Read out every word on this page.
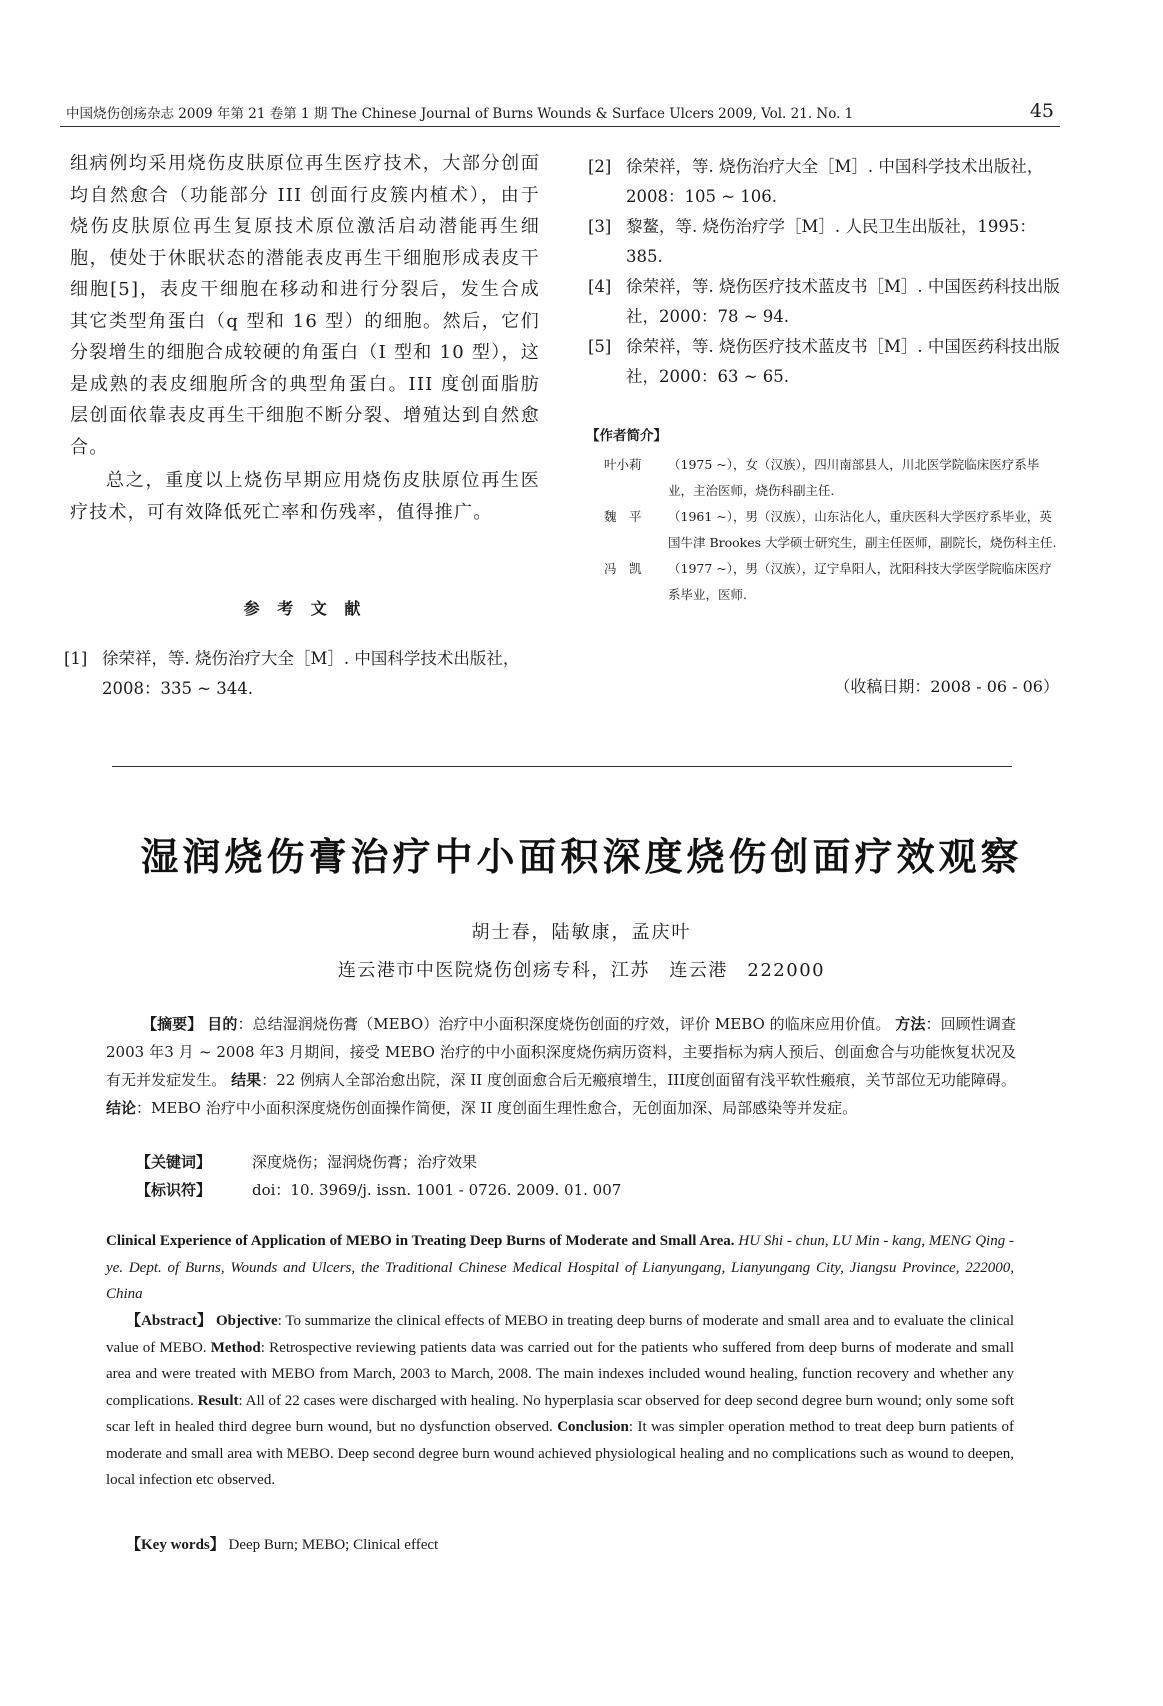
中国烧伤创疡杂志 2009 年第 21 卷第 1 期 The Chinese Journal of Burns Wounds & Surface Ulcers 2009, Vol. 21. No. 1	45

组病例均采用烧伤皮肤原位再生医疗技术，大部分创面均自然愈合（功能部分 III 创面行皮簇内植术），由于烧伤皮肤原位再生复原技术原位激活启动潜能再生细胞，使处于休眠状态的潜能表皮再生干细胞形成表皮干细胞[5]，表皮干细胞在移动和进行分裂后，发生合成其它类型角蛋白（q 型和 16 型）的细胞。然后，它们分裂增生的细胞合成较硬的角蛋白（I 型和 10 型），这是成熟的表皮细胞所含的典型角蛋白。III 度创面脂肪层创面依靠表皮再生干细胞不断分裂、增殖达到自然愈合。

总之，重度以上烧伤早期应用烧伤皮肤原位再生医疗技术，可有效降低死亡率和伤残率，值得推广。

参 考 文 献
[1] 徐荣祥，等. 烧伤治疗大全［M］. 中国科学技术出版社，2008：335 ~ 344.
[2] 徐荣祥，等. 烧伤治疗大全［M］. 中国科学技术出版社，2008：105 ~ 106.
[3] 黎鳌，等. 烧伤治疗学［M］. 人民卫生出版社，1995：385.
[4] 徐荣祥，等. 烧伤医疗技术蓝皮书［M］. 中国医药科技出版社，2000：78 ~ 94.
[5] 徐荣祥，等. 烧伤医疗技术蓝皮书［M］. 中国医药科技出版社，2000：63 ~ 65.
【作者简介】
叶小莉	（1975 ~），女（汉族），四川南部县人，川北医学院临床医疗系毕业，主治医师，烧伤科副主任.
魏　平	（1961 ~），男（汉族），山东沾化人，重庆医科大学医疗系毕业，英国牛津 Brookes 大学硕士研究生，副主任医师，副院长，烧伤科主任.
冯　凯	（1977 ~），男（汉族），辽宁阜阳人，沈阳科技大学医学院临床医疗系毕业，医师.
（收稿日期：2008 - 06 - 06）
湿润烧伤膏治疗中小面积深度烧伤创面疗效观察
胡士春，陆敏康，孟庆叶
连云港市中医院烧伤创疡专科，江苏　连云港　222000
【摘要】 目的：总结湿润烧伤膏（MEBO）治疗中小面积深度烧伤创面的疗效，评价 MEBO 的临床应用价值。 方法：回顾性调查2003 年3 月 ~ 2008 年3 月期间，接受 MEBO 治疗的中小面积深度烧伤病历资料，主要指标为病人预后、创面愈合与功能恢复状况及有无并发症发生。 结果：22 例病人全部治愈出院，深 II 度创面愈合后无瘢痕增生，III度创面留有浅平软性瘢痕，关节部位无功能障碍。 结论：MEBO 治疗中小面积深度烧伤创面操作简便，深 II 度创面生理性愈合，无创面加深、局部感染等并发症。
【关键词】	深度烧伤；湿润烧伤膏；治疗效果
【标识符】	doi：10. 3969/j. issn. 1001 - 0726. 2009. 01. 007
Clinical Experience of Application of MEBO in Treating Deep Burns of Moderate and Small Area. HU Shi - chun, LU Min - kang, MENG Qing - ye. Dept. of Burns, Wounds and Ulcers, the Traditional Chinese Medical Hospital of Lianyungang, Lianyungang City, Jiangsu Province, 222000, China
【Abstract】 Objective: To summarize the clinical effects of MEBO in treating deep burns of moderate and small area and to evaluate the clinical value of MEBO. Method: Retrospective reviewing patients data was carried out for the patients who suffered from deep burns of moderate and small area and were treated with MEBO from March, 2003 to March, 2008. The main indexes included wound healing, function recovery and whether any complications. Result: All of 22 cases were discharged with healing. No hyperplasia scar observed for deep second degree burn wound; only some soft scar left in healed third degree burn wound, but no dysfunction observed. Conclusion: It was simpler operation method to treat deep burn patients of moderate and small area with MEBO. Deep second degree burn wound achieved physiological healing and no complications such as wound to deepen, local infection etc observed.
【Key words】 Deep Burn; MEBO; Clinical effect
